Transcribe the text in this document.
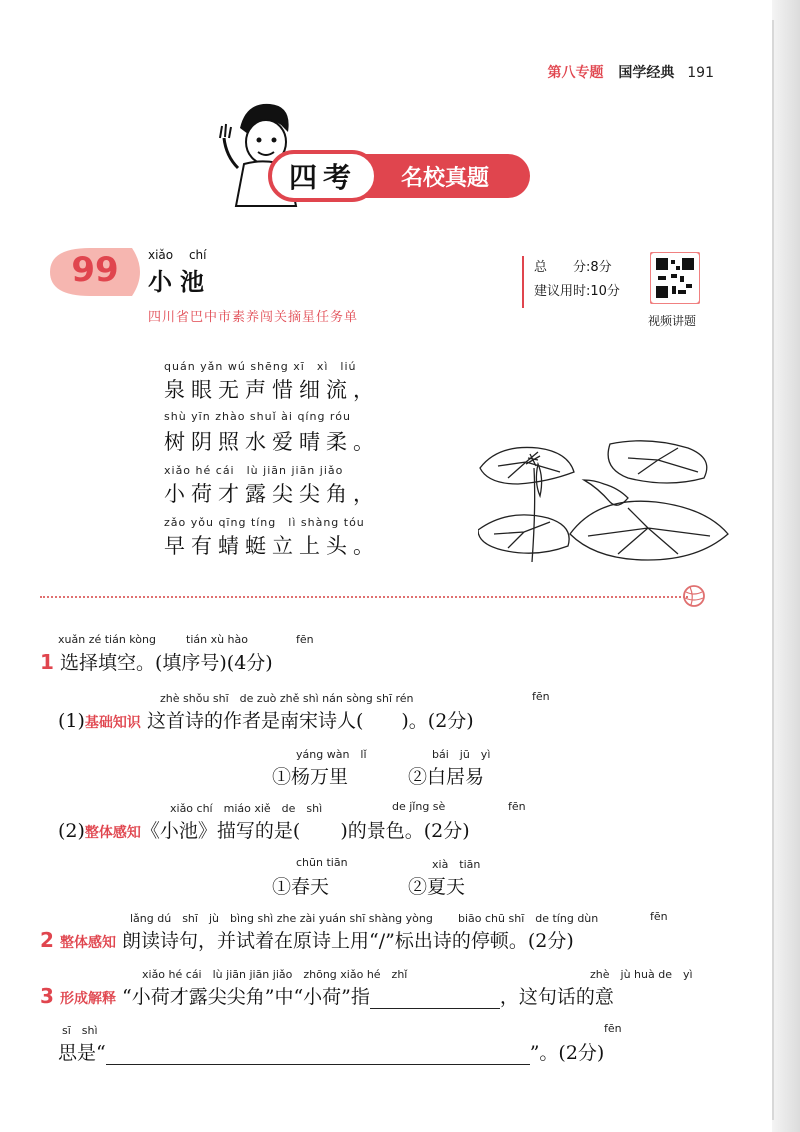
第八专题 国学经典 191
名校真题
四考
99	xiǎo　 chí
小池
四川省巴中市素养闯关摘星任务单
总　　分:8分
建议用时:10分
视频讲题
quán yǎn wú shēng xī　xì　liú
泉眼无声惜细流，
shù yīn zhào shuǐ ài qíng róu
树阴照水爱晴柔。
xiǎo hé cái　lù jiān jiān jiǎo
小荷才露尖尖角，
zǎo yǒu qīng tíng　lì shàng tóu
早有蜻蜓立上头。
xuǎn zé tián kòng	tián xù hào	fēn
1 选择填空。(填序号)(4分)
zhè shǒu shī　de zuò zhě shì nán sòng shī rén	fēn
(1)基础知识 这首诗的作者是南宋诗人(　　)。(2分)
yáng wàn　lǐ	bái　jū　yì
①杨万里	②白居易
xiǎo chí　miáo xiě　de　shì	de jǐng sè	fēn
(2)整体感知《小池》描写的是( )的景色。(2分)
chūn tiān	xià　tiān
①春天	②夏天
lǎng dú　shī　jù　bìng shì zhe zài yuán shī shàng yòng biāo chū shī　de tíng dùn	fēn
2 整体感知 朗读诗句，并试着在原诗上用“/”标出诗的停顿。(2分)
xiǎo hé cái　lù jiān jiān jiǎo　zhōng xiǎo hé　zhǐ	zhè　jù huà de　yì
3 形成解释 “小荷才露尖尖角”中“小荷”指	，这句话的意
sī　shì	fēn
思是“	”。(2分)
